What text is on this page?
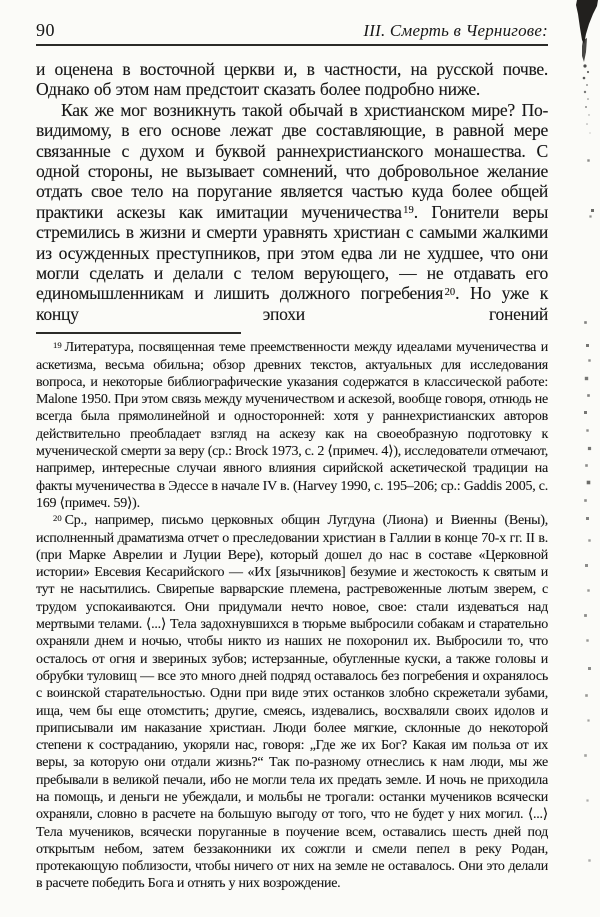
90	III. Смерть в Чернигове:

и оценена в восточной церкви и, в частности, на русской почве. Однако об этом нам предстоит сказать более подробно ниже.

Как же мог возникнуть такой обычай в христианском мире? По-видимому, в его основе лежат две составляющие, в равной мере связанные с духом и буквой раннехристианского монашества. С одной стороны, не вызывает сомнений, что добровольное желание отдать свое тело на поругание является частью куда более общей практики аскезы как имитации мученичества $^{19}$. Гонители веры стремились в жизни и смерти уравнять христиан с самыми жалкими из осужденных преступников, при этом едва ли не худшее, что они могли сделать и делали с телом верующего, — не отдавать его единомышленникам и лишить должного погребения $^{20}$. Но уже к концу эпохи гонений

$^{19}$ Литература, посвященная теме преемственности между идеалами мученичества и аскетизма, весьма обильна; обзор древних текстов, актуальных для исследования вопроса, и некоторые библиографические указания содержатся в классической работе: Malone 1950. При этом связь между мученичеством и аскезой, вообще говоря, отнюдь не всегда была прямолинейной и односторонней: хотя у раннехристианских авторов действительно преобладает взгляд на аскезу как на своеобразную подготовку к мученической смерти за веру (ср.: Brock 1973, с. 2 ⟨примеч. 4⟩), исследователи отмечают, например, интересные случаи явного влияния сирийской аскетической традиции на факты мученичества в Эдессе в начале IV в. (Harvey 1990, с. 195–206; ср.: Gaddis 2005, с. 169 ⟨примеч. 59⟩).

$^{20}$ Ср., например, письмо церковных общин Лугдуна (Лиона) и Виенны (Вены), исполненный драматизма отчет о преследовании христиан в Галлии в конце 70-х гг. II в. (при Марке Аврелии и Луции Вере), который дошел до нас в составе «Церковной истории» Евсевия Кесарийского — «Их [язычников] безумие и жестокость к святым и тут не насытились. Свирепые варварские племена, растревоженные лютым зверем, с трудом успокаиваются. Они придумали нечто новое, свое: стали издеваться над мертвыми телами. ⟨...⟩ Тела задохнувшихся в тюрьме выбросили собакам и старательно охраняли днем и ночью, чтобы никто из наших не похоронил их. Выбросили то, что осталось от огня и звериных зубов; истерзанные, обугленные куски, а также головы и обрубки туловищ — все это много дней подряд оставалось без погребения и охранялось с воинской старательностью. Одни при виде этих останков злобно скрежетали зубами, ища, чем бы еще отомстить; другие, смеясь, издевались, восхваляли своих идолов и приписывали им наказание христиан. Люди более мягкие, склонные до некоторой степени к состраданию, укоряли нас, говоря: „Где же их Бог? Какая им польза от их веры, за которую они отдали жизнь?“ Так по-разному отнеслись к нам люди, мы же пребывали в великой печали, ибо не могли тела их предать земле. И ночь не приходила на помощь, и деньги не убеждали, и мольбы не трогали: останки мучеников всячески охраняли, словно в расчете на большую выгоду от того, что не будет у них могил. ⟨...⟩ Тела мучеников, всячески поруганные в поучение всем, оставались шесть дней под открытым небом, затем беззаконники их сожгли и смели пепел в реку Родан, протекающую поблизости, чтобы ничего от них на земле не оставалось. Они это делали в расчете победить Бога и отнять у них возрождение.
